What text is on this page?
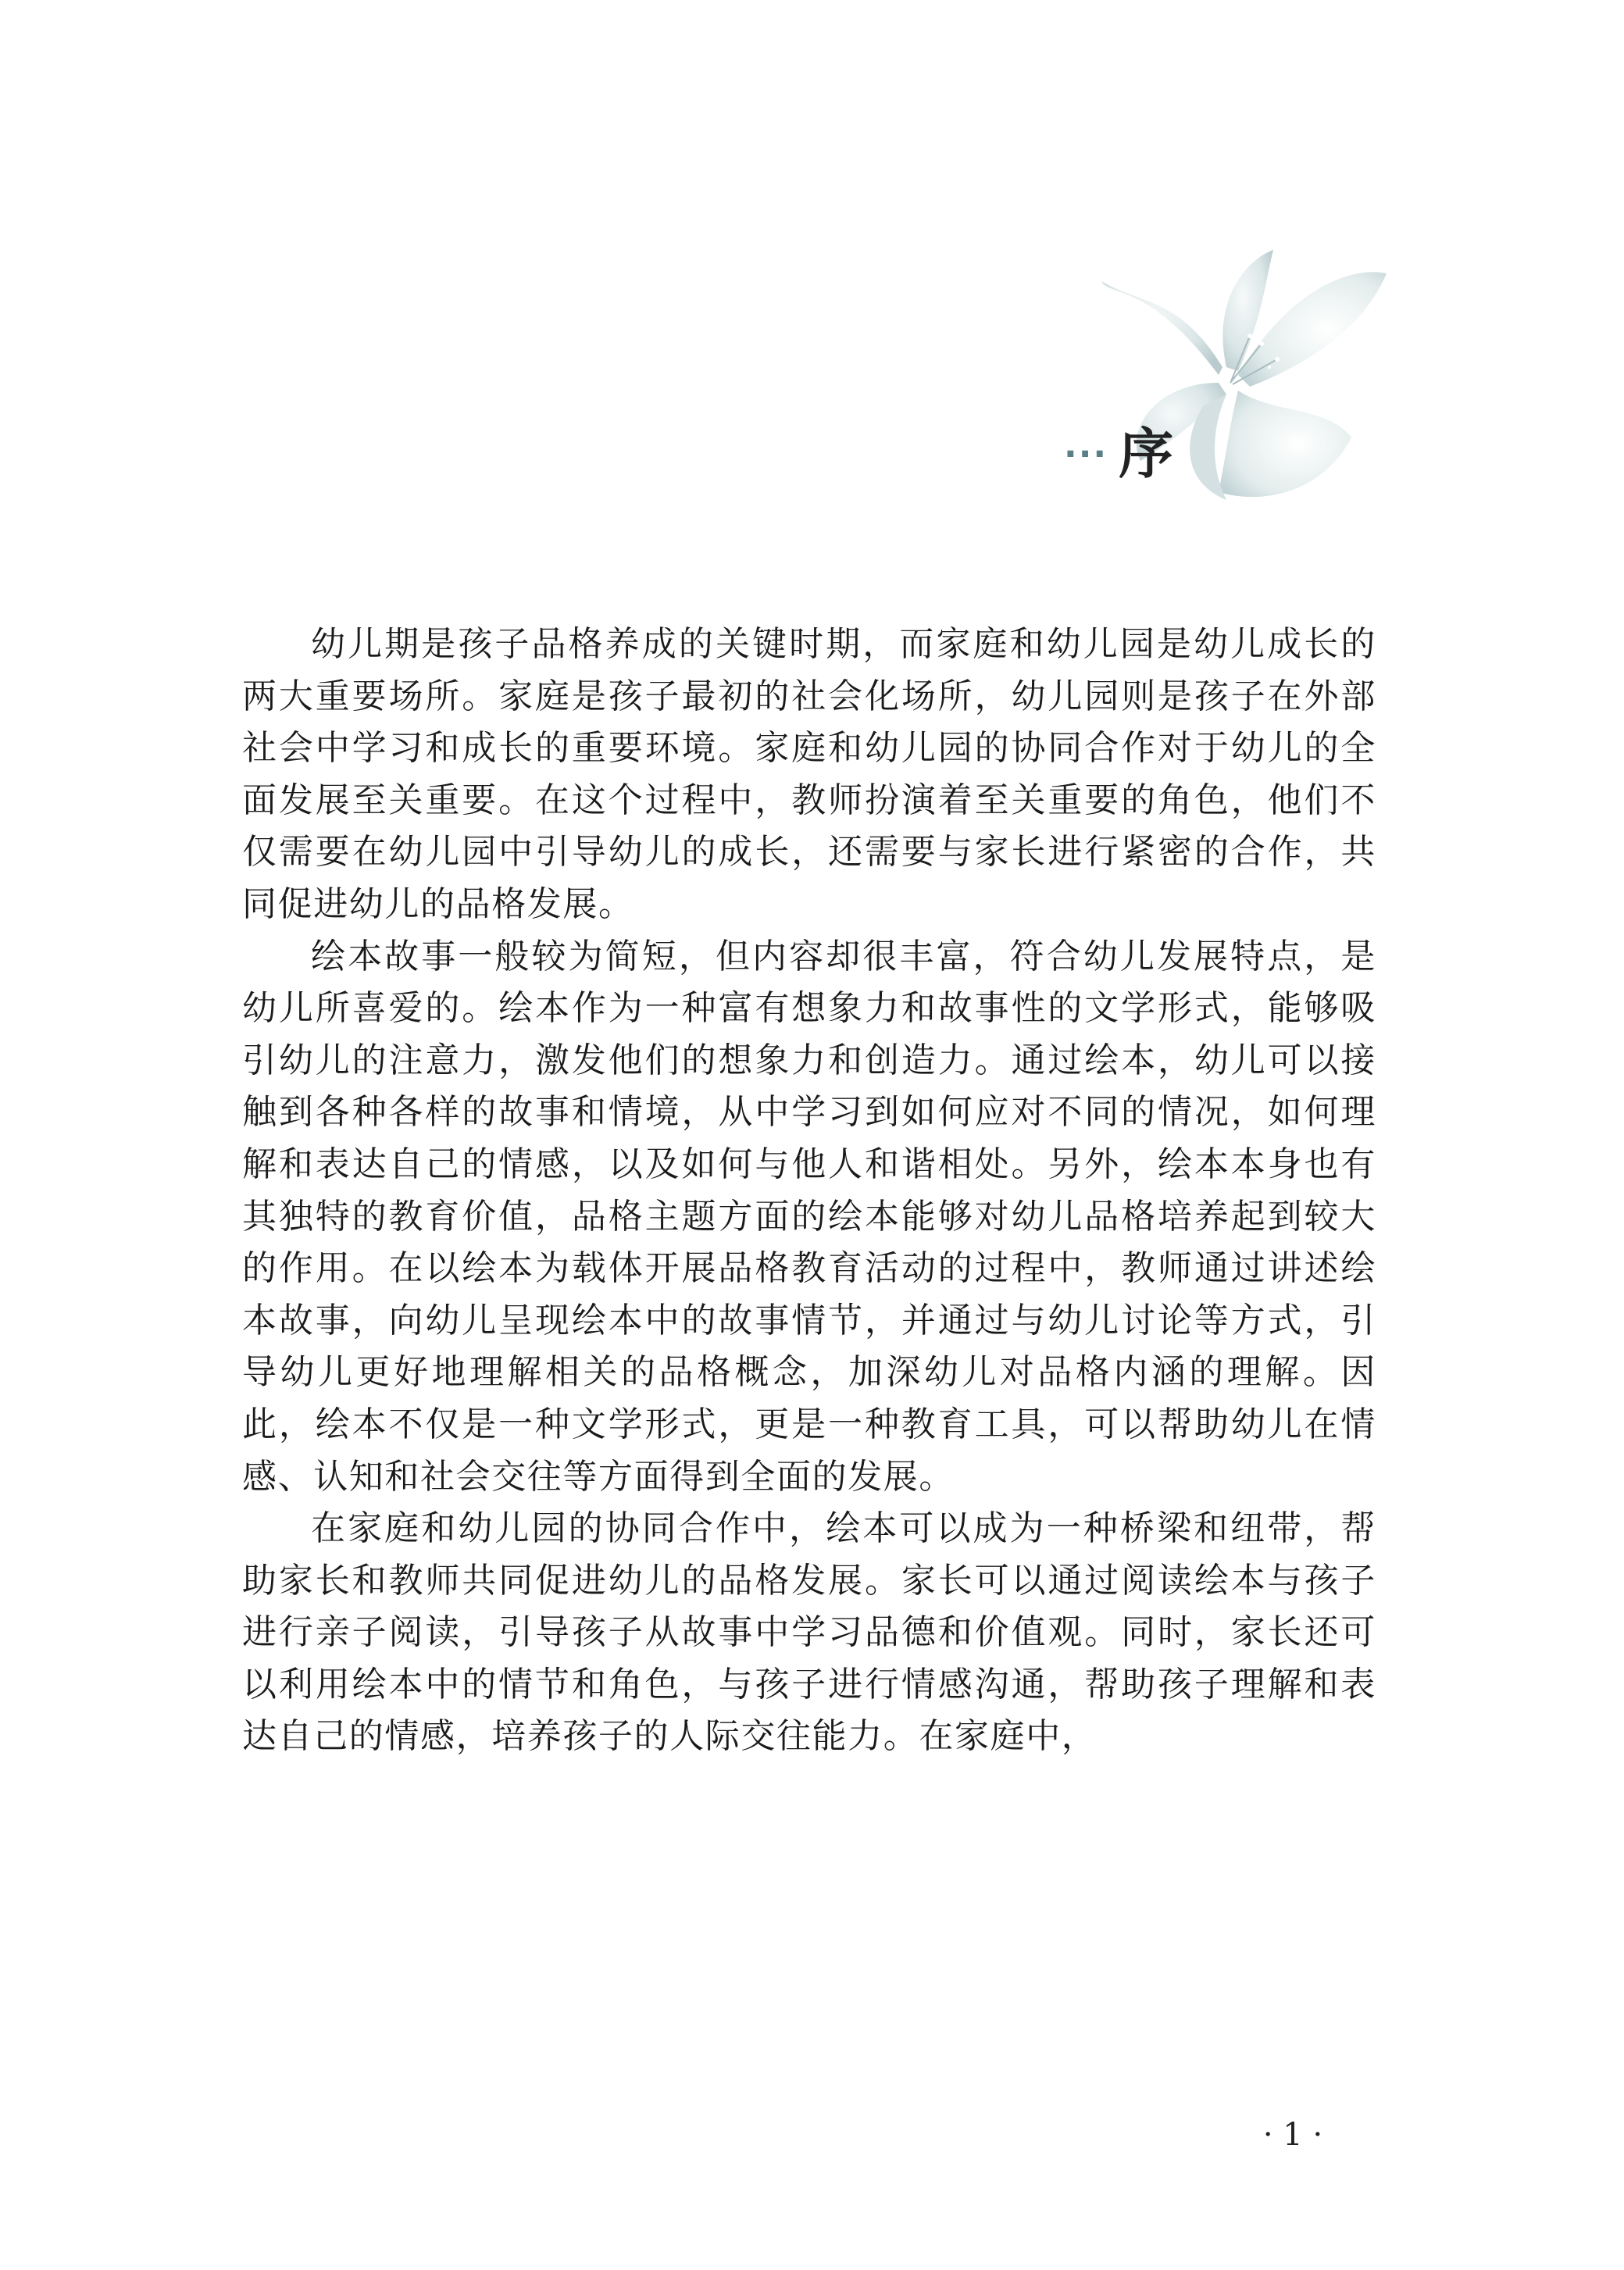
··· 序

幼儿期是孩子品格养成的关键时期，而家庭和幼儿园是幼儿成长的两大重要场所。家庭是孩子最初的社会化场所，幼儿园则是孩子在外部社会中学习和成长的重要环境。家庭和幼儿园的协同合作对于幼儿的全面发展至关重要。在这个过程中，教师扮演着至关重要的角色，他们不仅需要在幼儿园中引导幼儿的成长，还需要与家长进行紧密的合作，共同促进幼儿的品格发展。

绘本故事一般较为简短，但内容却很丰富，符合幼儿发展特点，是幼儿所喜爱的。绘本作为一种富有想象力和故事性的文学形式，能够吸引幼儿的注意力，激发他们的想象力和创造力。通过绘本，幼儿可以接触到各种各样的故事和情境，从中学习到如何应对不同的情况，如何理解和表达自己的情感，以及如何与他人和谐相处。另外，绘本本身也有其独特的教育价值，品格主题方面的绘本能够对幼儿品格培养起到较大的作用。在以绘本为载体开展品格教育活动的过程中，教师通过讲述绘本故事，向幼儿呈现绘本中的故事情节，并通过与幼儿讨论等方式，引导幼儿更好地理解相关的品格概念，加深幼儿对品格内涵的理解。因此，绘本不仅是一种文学形式，更是一种教育工具，可以帮助幼儿在情感、认知和社会交往等方面得到全面的发展。

在家庭和幼儿园的协同合作中，绘本可以成为一种桥梁和纽带，帮助家长和教师共同促进幼儿的品格发展。家长可以通过阅读绘本与孩子进行亲子阅读，引导孩子从故事中学习品德和价值观。同时，家长还可以利用绘本中的情节和角色，与孩子进行情感沟通，帮助孩子理解和表达自己的情感，培养孩子的人际交往能力。在家庭中，

· 1 ·
